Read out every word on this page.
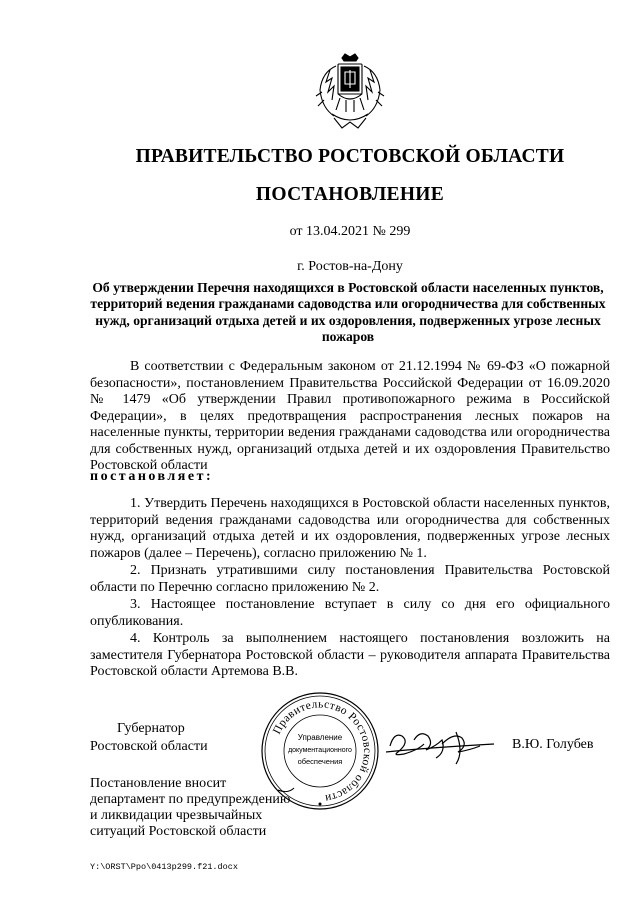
ПРАВИТЕЛЬСТВО РОСТОВСКОЙ ОБЛАСТИ
ПОСТАНОВЛЕНИЕ
от 13.04.2021 № 299
г. Ростов-на-Дону
Об утверждении Перечня находящихся в Ростовской области населенных пунктов, территорий ведения гражданами садоводства или огородничества для собственных нужд, организаций отдыха детей и их оздоровления, подверженных угрозе лесных пожаров

В соответствии с Федеральным законом от 21.12.1994 № 69-ФЗ «О пожарной безопасности», постановлением Правительства Российской Федерации от 16.09.2020 № 1479 «Об утверждении Правил противопожарного режима в Российской Федерации», в целях предотвращения распространения лесных пожаров на населенные пункты, территории ведения гражданами садоводства или огородничества для собственных нужд, организаций отдыха детей и их оздоровления Правительство Ростовской области

постановляет:

1. Утвердить Перечень находящихся в Ростовской области населенных пунктов, территорий ведения гражданами садоводства или огородничества для собственных нужд, организаций отдыха детей и их оздоровления, подверженных угрозе лесных пожаров (далее – Перечень), согласно приложению № 1.

2. Признать утратившими силу постановления Правительства Ростовской области по Перечню согласно приложению № 2.

3. Настоящее постановление вступает в силу со дня его официального опубликования.

4. Контроль за выполнением настоящего постановления возложить на заместителя Губернатора Ростовской области – руководителя аппарата Правительства Ростовской области Артемова В.В.

Губернатор
Ростовской области
Правительство Ростовской области
Управление
документационного
обеспечения
В.Ю. Голубев
Постановление вносит
департамент по предупреждению
и ликвидации чрезвычайных
ситуаций Ростовской области
Y:\ORST\Ppo\0413p299.f21.docx
